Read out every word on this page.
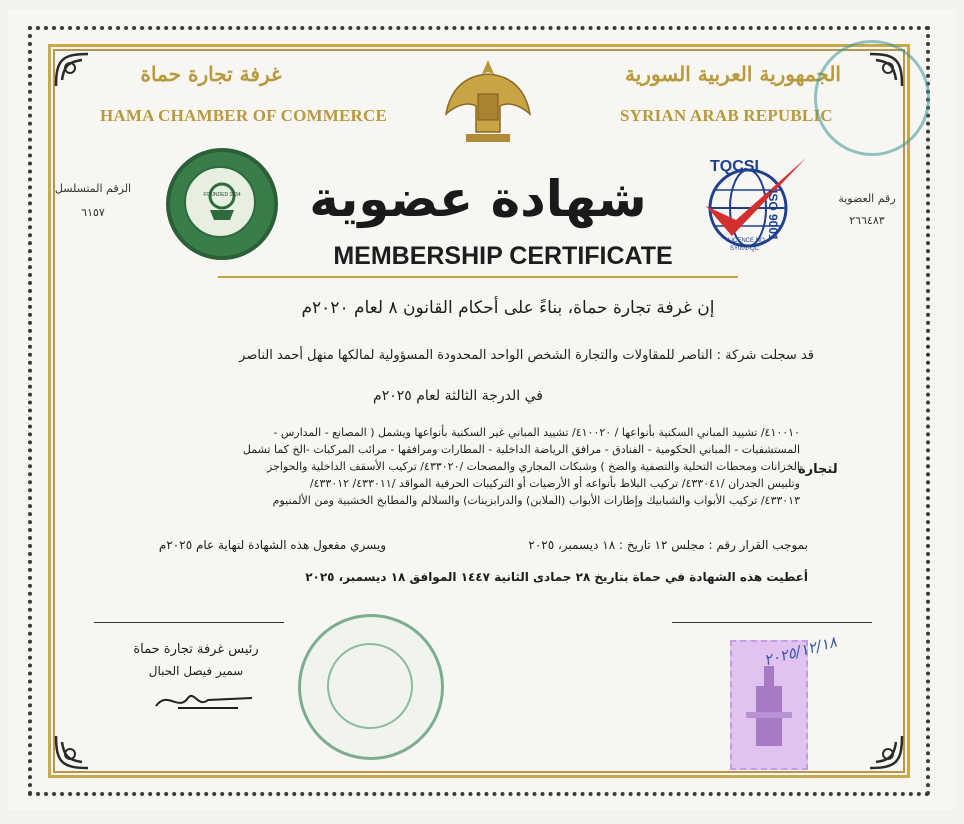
غرفة تجارة حماة
HAMA CHAMBER OF COMMERCE
الجمهورية العربية السورية
SYRIAN ARAB REPUBLIC
FOUNDED 1934
الرقم المتسلسل
٦١٥٧
رقم العضوية
٢٦٦٤٨٣
TQCSI
ISO 9001
LICENCE NO
SY001-QC
شهادة عضوية
MEMBERSHIP CERTIFICATE
إن غرفة تجارة حماة، بناءً على أحكام القانون ٨ لعام ٢٠٢٠م
قد سجلت شركة : الناصر للمقاولات والتجارة الشخص الواحد المحدودة المسؤولية لمالكها منهل أحمد الناصر
في الدرجة الثالثة لعام ٢٠٢٥م
لتجارة
٤١٠٠١٠/ تشييد المباني السكنية بأنواعها / ٤١٠٠٢٠/ تشييد المباني غير السكنية بأنواعها ويشمل ( المصانع - المدارس -
المستشفيات - المباني الحكومية - الفنادق - مرافق الرياضة الداخلية - المطارات ومرافقها - مرائب المركبات -الخ كما تشمل
الخزانات ومحطات التحلية والتصفية والضخ ) وشبكات المجاري والمصحات /٤٣٣٠٢٠/ تركيب الأسقف الداخلية والحواجز
وتلبيس الجدران /٤٣٣٠٤١/ تركيب البلاط بأنواعه أو الأرضيات أو التركيبات الحرفية المواقد /٤٣٣٠١١/ ٤٣٣٠١٢/
٤٣٣٠١٣/ تركيب الأبواب والشبابيك وإطارات الأبواب (الملابن) والدرابزينات) والسلالم والمطابخ الخشبية ومن الألمنيوم
بموجب القرار رقم : مجلس ١٢ تاريخ : ١٨ ديسمبر، ٢٠٢٥
ويسري مفعول هذه الشهادة لنهاية عام ٢٠٢٥م
أعطيت هذه الشهادة في حماة بتاريخ ٢٨ جمادى الثانية ١٤٤٧ الموافق ١٨ ديسمبر، ٢٠٢٥
رئيس غرفة تجارة حماة
سمير فيصل الحبال
٢٠٢٥/١٢/١٨
